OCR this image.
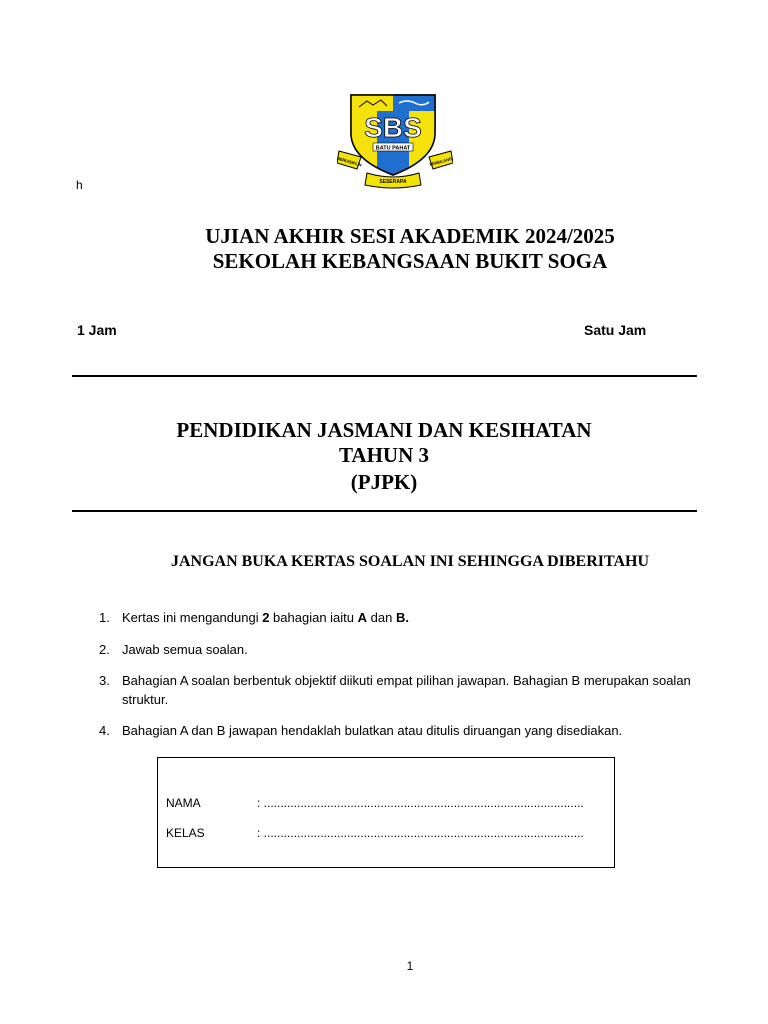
SBS
BATU PAHAT
BERDISIPLIN	TERBILANG
SESERAPA
h
UJIAN AKHIR SESI AKADEMIK 2024/2025
SEKOLAH KEBANGSAAN BUKIT SOGA
1 Jam	Satu Jam
PENDIDIKAN JASMANI DAN KESIHATAN
TAHUN 3
(PJPK)
JANGAN BUKA KERTAS SOALAN INI SEHINGGA DIBERITAHU
1. Kertas ini mengandungi 2 bahagian iaitu A dan B.
2. Jawab semua soalan.
3. Bahagian A soalan berbentuk objektif diikuti empat pilihan jawapan. Bahagian B merupakan soalan struktur.
4. Bahagian A dan B jawapan hendaklah bulatkan atau ditulis diruangan yang disediakan.
NAMA	: ................................................................................................
KELAS	: ................................................................................................
1
